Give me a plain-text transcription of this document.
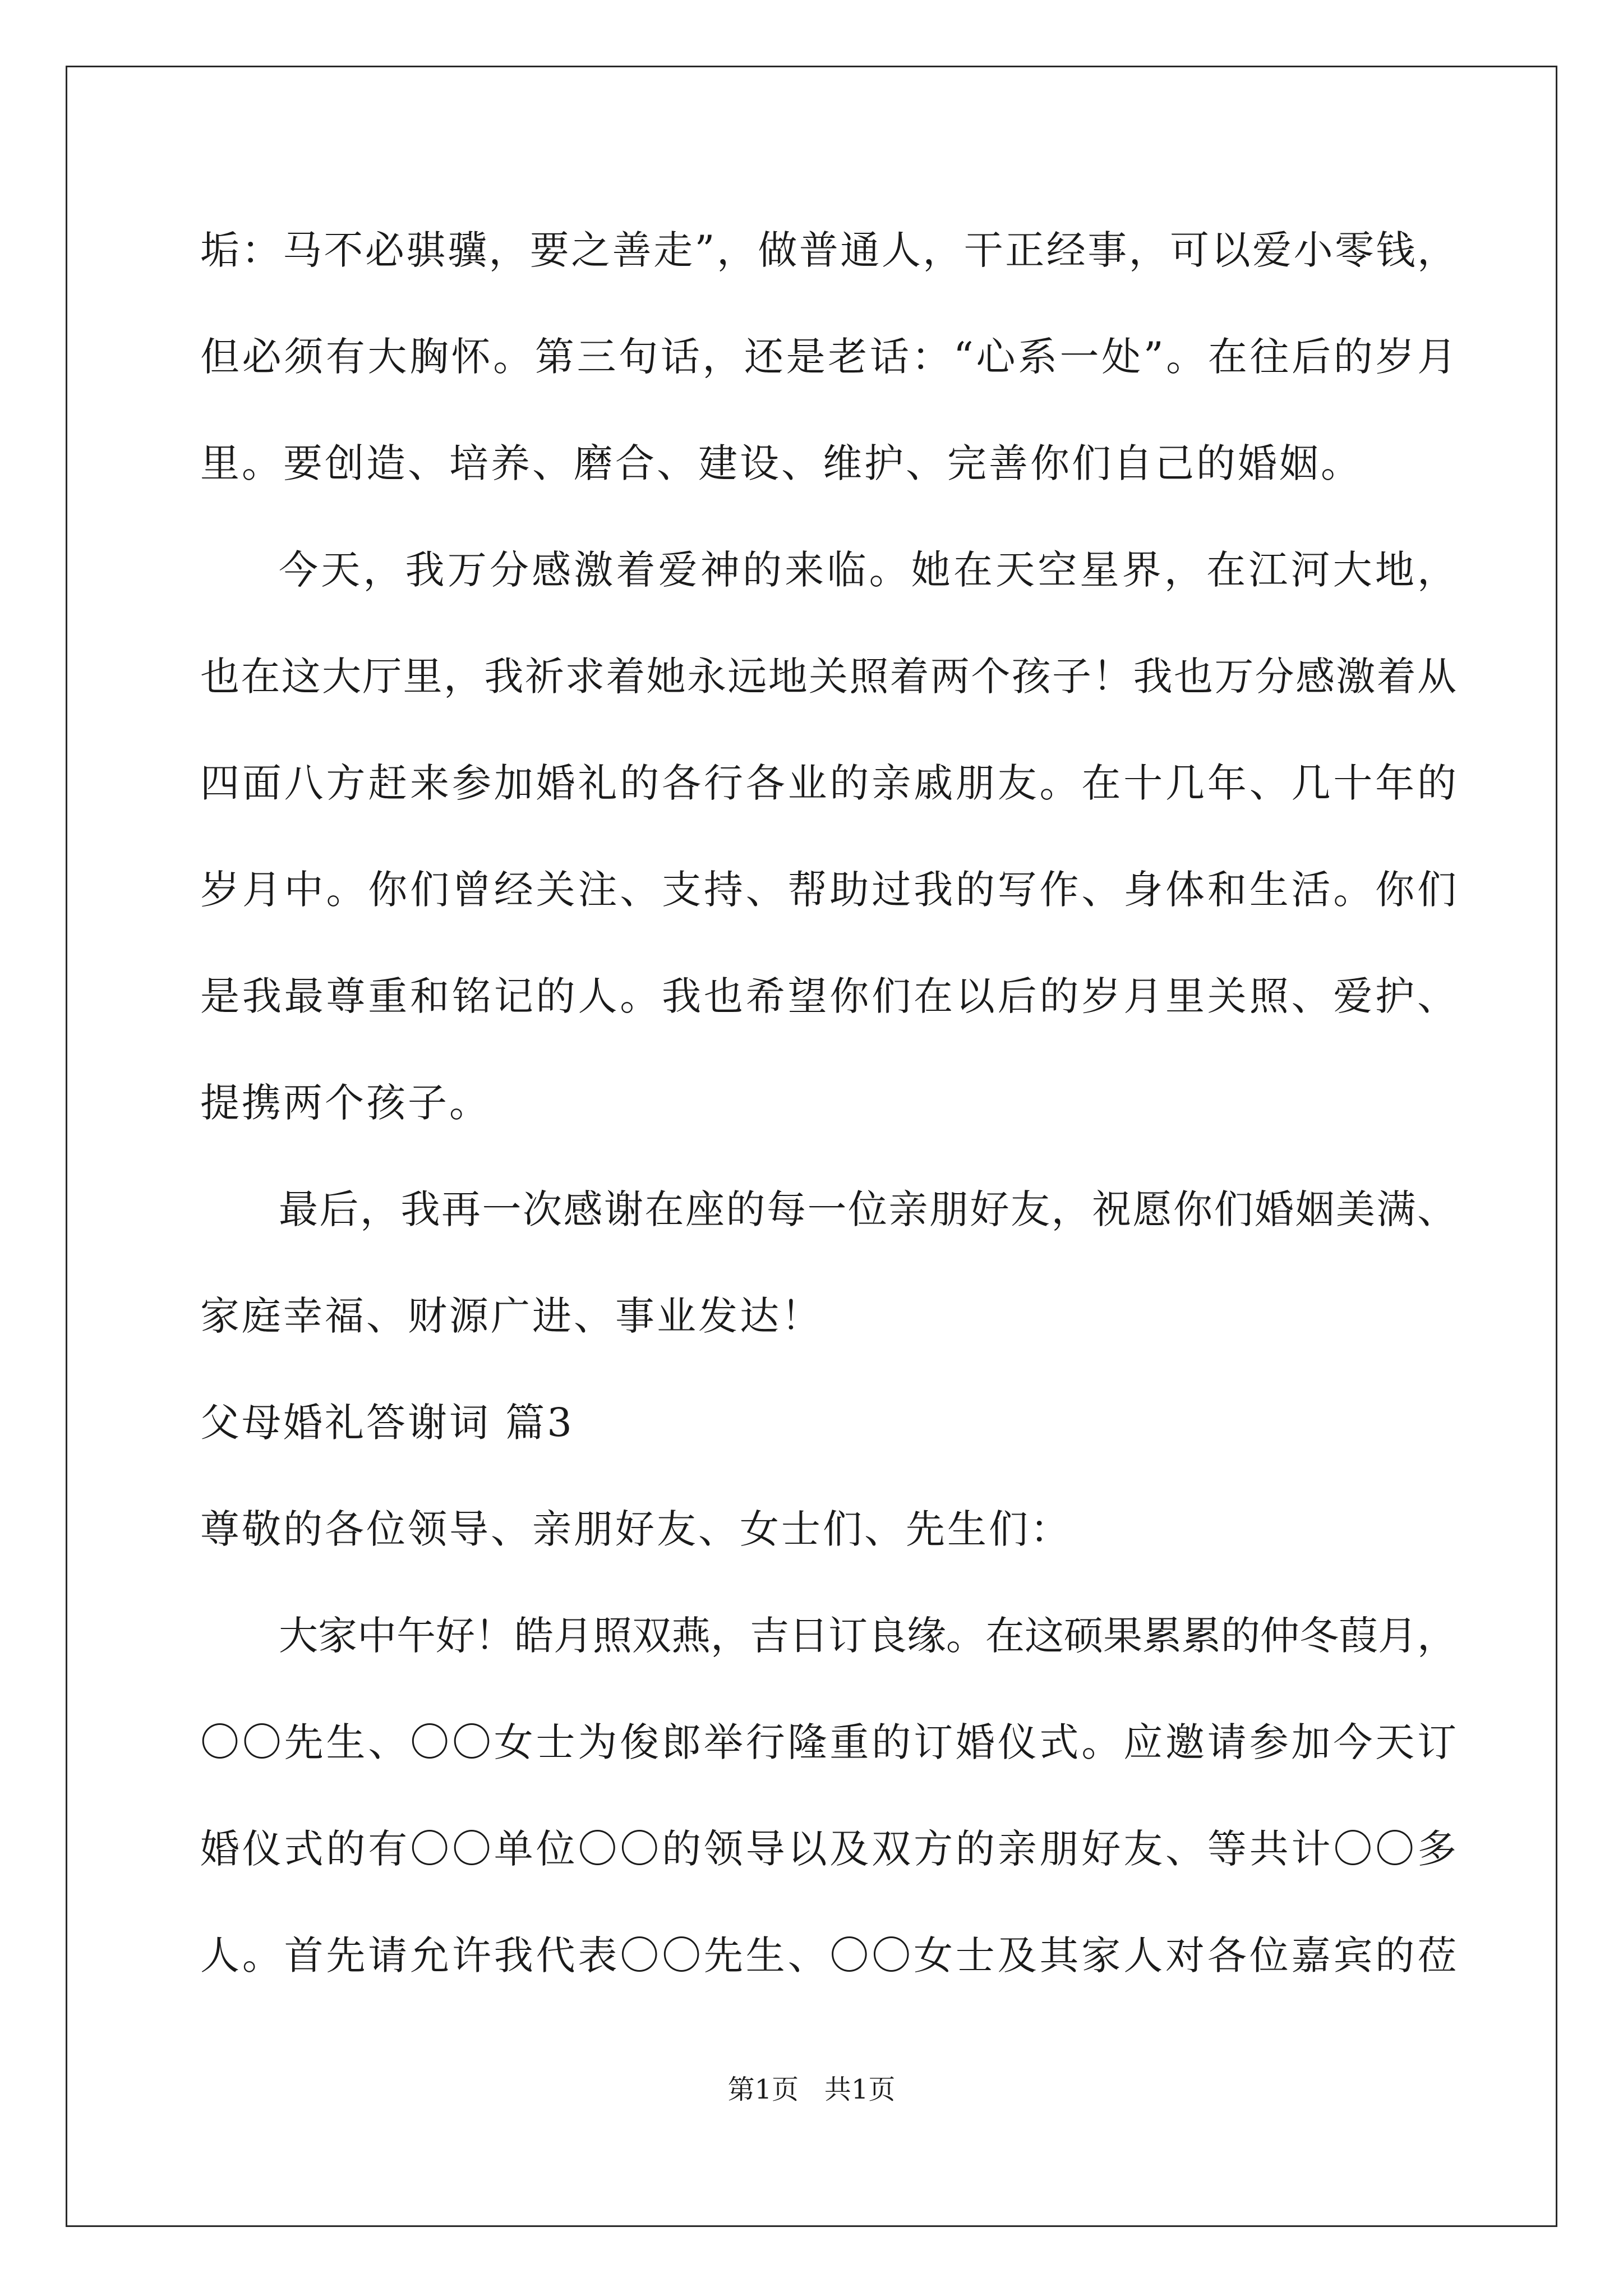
垢：马不必骐骥，要之善走”，做普通人，干正经事，可以爱小零钱，
但必须有大胸怀。第三句话，还是老话：“心系一处”。在往后的岁月
里。要创造、培养、磨合、建设、维护、完善你们自己的婚姻。
今天，我万分感激着爱神的来临。她在天空星界，在江河大地，
也在这大厅里，我祈求着她永远地关照着两个孩子！我也万分感激着从
四面八方赶来参加婚礼的各行各业的亲戚朋友。在十几年、几十年的
岁月中。你们曾经关注、支持、帮助过我的写作、身体和生活。你们
是我最尊重和铭记的人。我也希望你们在以后的岁月里关照、爱护、
提携两个孩子。
最后，我再一次感谢在座的每一位亲朋好友，祝愿你们婚姻美满、
家庭幸福、财源广进、事业发达！
父母婚礼答谢词 篇3
尊敬的各位领导、亲朋好友、女士们、先生们：
大家中午好！皓月照双燕，吉日订良缘。在这硕果累累的仲冬葭月，
〇〇先生、〇〇女士为俊郎举行隆重的订婚仪式。应邀请参加今天订
婚仪式的有〇〇单位〇〇的领导以及双方的亲朋好友、等共计〇〇多
人。首先请允许我代表〇〇先生、〇〇女士及其家人对各位嘉宾的莅
第1页   共1页
